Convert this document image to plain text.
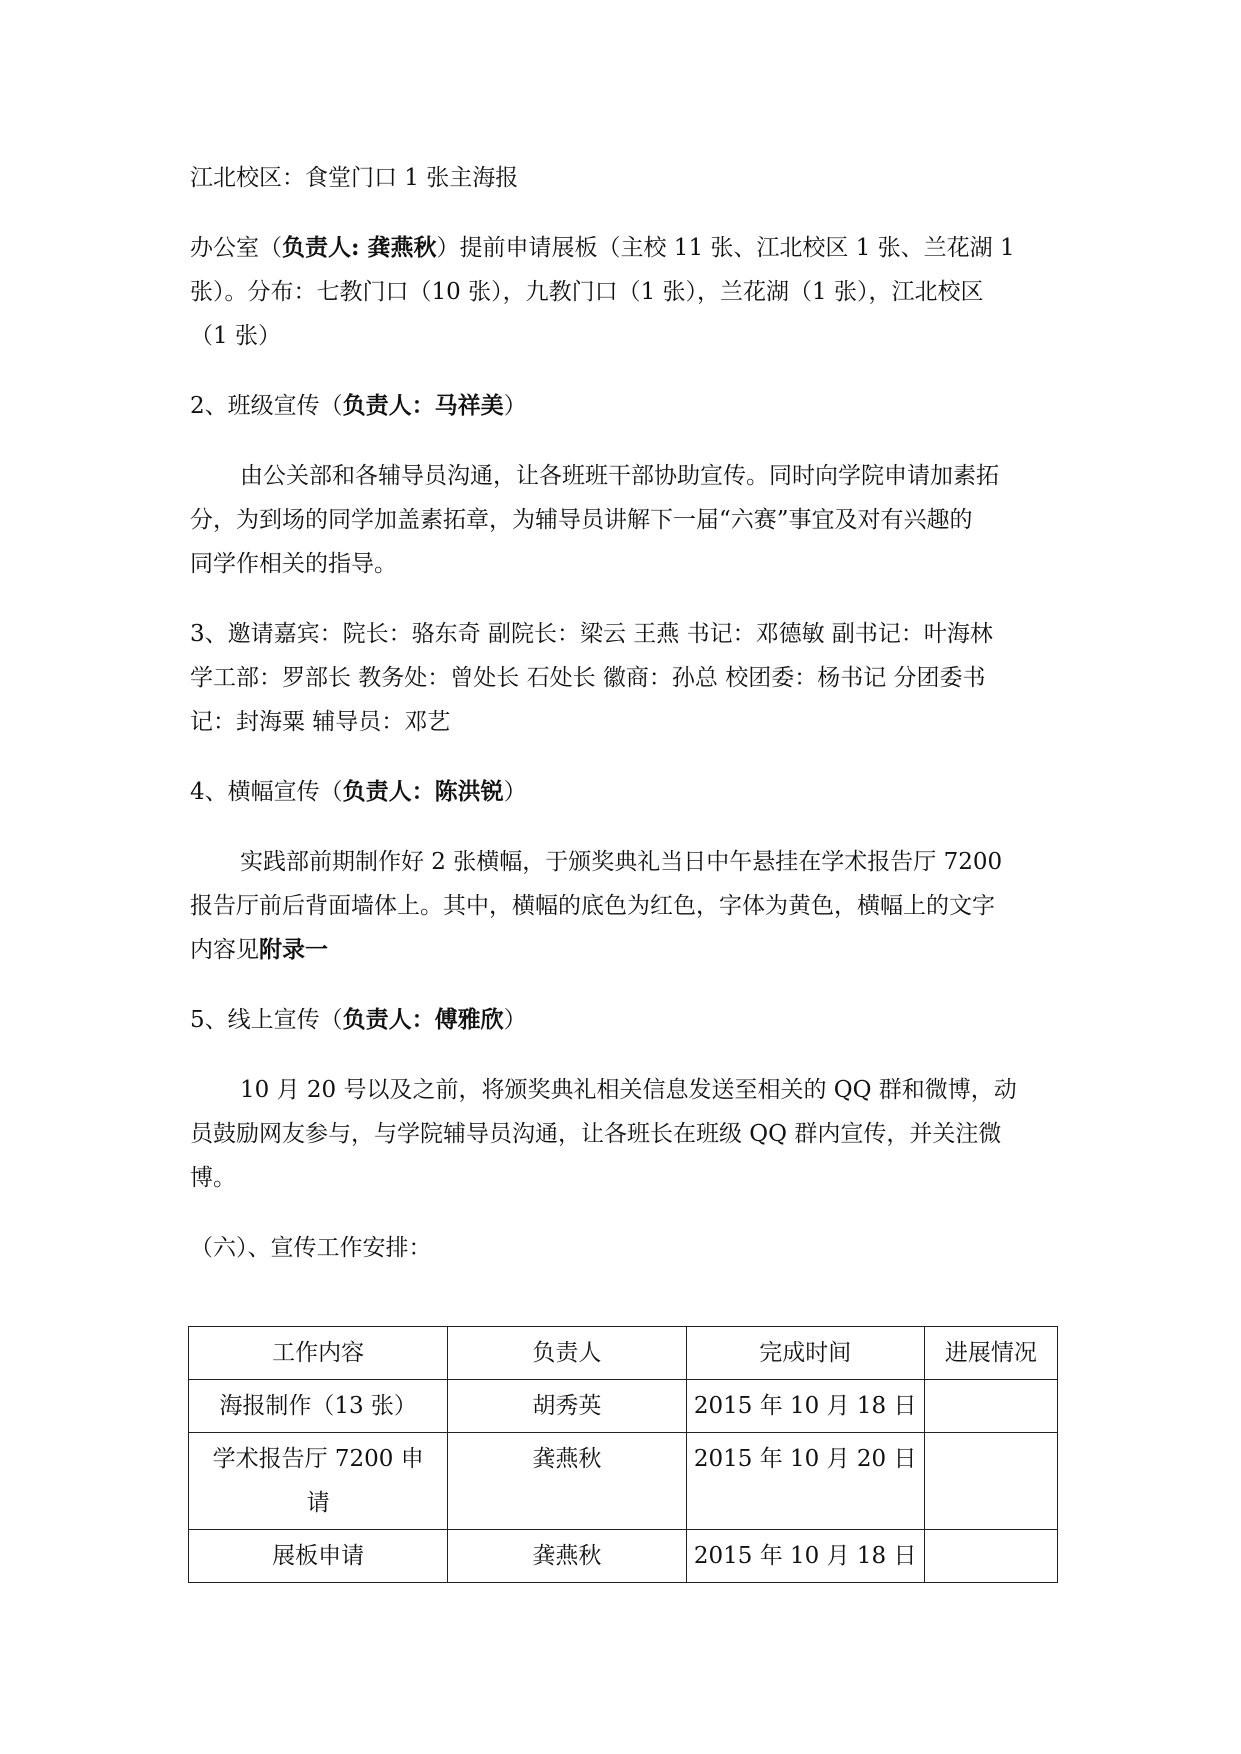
江北校区：食堂门口 1 张主海报
办公室（负责人: 龚燕秋）提前申请展板（主校 11 张、江北校区 1 张、兰花湖 1
张）。分布：七教门口（10 张），九教门口（1 张），兰花湖（1 张），江北校区
（1 张）
2、班级宣传（负责人：马祥美）
由公关部和各辅导员沟通，让各班班干部协助宣传。同时向学院申请加素拓
分，为到场的同学加盖素拓章，为辅导员讲解下一届“六赛”事宜及对有兴趣的
同学作相关的指导。
3、邀请嘉宾：院长：骆东奇 副院长：梁云 王燕 书记：邓德敏 副书记：叶海林
学工部：罗部长 教务处：曾处长 石处长 徽商：孙总 校团委：杨书记 分团委书
记：封海粟 辅导员：邓艺
4、横幅宣传（负责人：陈洪锐）
实践部前期制作好 2 张横幅，于颁奖典礼当日中午悬挂在学术报告厅 7200
报告厅前后背面墙体上。其中，横幅的底色为红色，字体为黄色，横幅上的文字
内容见附录一
5、线上宣传（负责人：傅雅欣）
10 月 20 号以及之前，将颁奖典礼相关信息发送至相关的 QQ 群和微博，动
员鼓励网友参与，与学院辅导员沟通，让各班长在班级 QQ 群内宣传，并关注微
博。
（六）、宣传工作安排：
工作内容	负责人	完成时间	进展情况
海报制作（13 张）	胡秀英	2015 年 10 月 18 日	

学术报告厅 7200 申
请	龚燕秋	2015 年 10 月 20 日	
展板申请	龚燕秋	2015 年 10 月 18 日	
